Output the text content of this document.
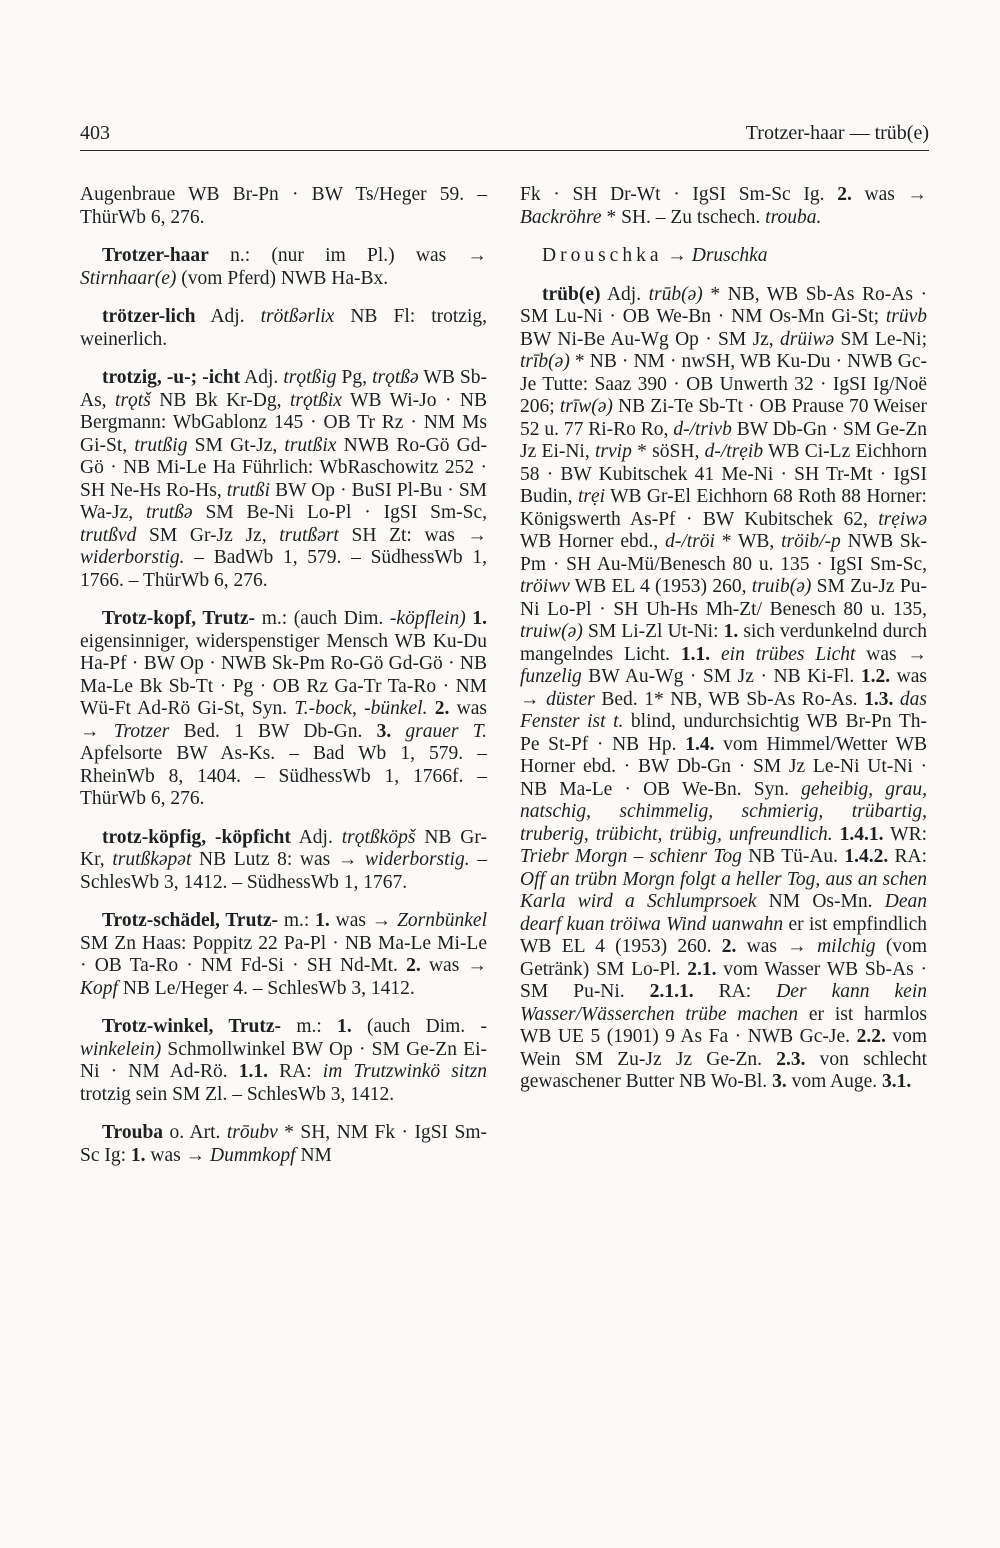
403	Trotzer-haar — trüb(e)

Augenbraue WB Br-Pn · BW Ts/Heger 59. – ThürWb 6, 276.

Trotzer-haar n.: (nur im Pl.) was → Stirnhaar(e) (vom Pferd) NWB Ha-Bx.

trötzer-lich Adj. trötßərlix NB Fl: trotzig, weinerlich.

trotzig, -u-; -icht Adj. trǫtßig Pg, trǫtßə WB Sb-As, trǫtš NB Bk Kr-Dg, trǫtßix WB Wi-Jo · NB Bergmann: WbGablonz 145 · OB Tr Rz · NM Ms Gi-St, trutßig SM Gt-Jz, trutßix NWB Ro-Gö Gd-Gö · NB Mi-Le Ha Führlich: WbRaschowitz 252 · SH Ne-Hs Ro-Hs, trutßi BW Op · BuSI Pl-Bu · SM Wa-Jz, trutßə SM Be-Ni Lo-Pl · IgSI Sm-Sc, trutßvd SM Gr-Jz Jz, trutßərt SH Zt: was → widerborstig. – BadWb 1, 579. – SüdhessWb 1, 1766. – ThürWb 6, 276.

Trotz-kopf, Trutz- m.: (auch Dim. -köpflein) 1. eigensinniger, widerspenstiger Mensch WB Ku-Du Ha-Pf · BW Op · NWB Sk-Pm Ro-Gö Gd-Gö · NB Ma-Le Bk Sb-Tt · Pg · OB Rz Ga-Tr Ta-Ro · NM Wü-Ft Ad-Rö Gi-St, Syn. T.-bock, -bünkel. 2. was → Trotzer Bed. 1 BW Db-Gn. 3. grauer T. Apfelsorte BW As-Ks. – Bad Wb 1, 579. – RheinWb 8, 1404. – SüdhessWb 1, 1766f. – ThürWb 6, 276.

trotz-köpfig, -köpficht Adj. trǫtßköpš NB Gr-Kr, trutßkəpət NB Lutz 8: was → widerborstig. – SchlesWb 3, 1412. – SüdhessWb 1, 1767.

Trotz-schädel, Trutz- m.: 1. was → Zornbünkel SM Zn Haas: Poppitz 22 Pa-Pl · NB Ma-Le Mi-Le · OB Ta-Ro · NM Fd-Si · SH Nd-Mt. 2. was → Kopf NB Le/Heger 4. – SchlesWb 3, 1412.

Trotz-winkel, Trutz- m.: 1. (auch Dim. -winkelein) Schmollwinkel BW Op · SM Ge-Zn Ei-Ni · NM Ad-Rö. 1.1. RA: im Trutzwinkö sitzn trotzig sein SM Zl. – SchlesWb 3, 1412.

Trouba o. Art. trōubv * SH, NM Fk · IgSI Sm-Sc Ig: 1. was → Dummkopf NM

Fk · SH Dr-Wt · IgSI Sm-Sc Ig. 2. was → Backröhre * SH. – Zu tschech. trouba.

Drouschka → Druschka

trüb(e) Adj. trūb(ə) * NB, WB Sb-As Ro-As · SM Lu-Ni · OB We-Bn · NM Os-Mn Gi-St; trüvb BW Ni-Be Au-Wg Op · SM Jz, drüiwə SM Le-Ni; trīb(ə) * NB · NM · nwSH, WB Ku-Du · NWB Gc-Je Tutte: Saaz 390 · OB Unwerth 32 · IgSI Ig/Noë 206; trīw(ə) NB Zi-Te Sb-Tt · OB Prause 70 Weiser 52 u. 77 Ri-Ro Ro, d-/trivb BW Db-Gn · SM Ge-Zn Jz Ei-Ni, trvip * söSH, d-/trẹib WB Ci-Lz Eichhorn 58 · BW Kubitschek 41 Me-Ni · SH Tr-Mt · IgSI Budin, trẹi WB Gr-El Eichhorn 68 Roth 88 Horner: Königswerth As-Pf · BW Kubitschek 62, trẹiwə WB Horner ebd., d-/tröi * WB, tröib/-p NWB Sk-Pm · SH Au-Mü/Benesch 80 u. 135 · IgSI Sm-Sc, tröiwv WB EL 4 (1953) 260, truib(ə) SM Zu-Jz Pu-Ni Lo-Pl · SH Uh-Hs Mh-Zt/ Benesch 80 u. 135, truiw(ə) SM Li-Zl Ut-Ni: 1. sich verdunkelnd durch mangelndes Licht. 1.1. ein trübes Licht was → funzelig BW Au-Wg · SM Jz · NB Ki-Fl. 1.2. was → düster Bed. 1* NB, WB Sb-As Ro-As. 1.3. das Fenster ist t. blind, undurchsichtig WB Br-Pn Th-Pe St-Pf · NB Hp. 1.4. vom Himmel/Wetter WB Horner ebd. · BW Db-Gn · SM Jz Le-Ni Ut-Ni · NB Ma-Le · OB We-Bn. Syn. geheibig, grau, natschig, schimmelig, schmierig, trübartig, truberig, trübicht, trübig, unfreundlich. 1.4.1. WR: Triebr Morgn – schienr Tog NB Tü-Au. 1.4.2. RA: Off an trübn Morgn folgt a heller Tog, aus an schen Karla wird a Schlumprsoek NM Os-Mn. Dean dearf kuan tröiwa Wind uanwahn er ist empfindlich WB EL 4 (1953) 260. 2. was → milchig (vom Getränk) SM Lo-Pl. 2.1. vom Wasser WB Sb-As · SM Pu-Ni. 2.1.1. RA: Der kann kein Wasser/Wässerchen trübe machen er ist harmlos WB UE 5 (1901) 9 As Fa · NWB Gc-Je. 2.2. vom Wein SM Zu-Jz Jz Ge-Zn. 2.3. von schlecht gewaschener Butter NB Wo-Bl. 3. vom Auge. 3.1.
